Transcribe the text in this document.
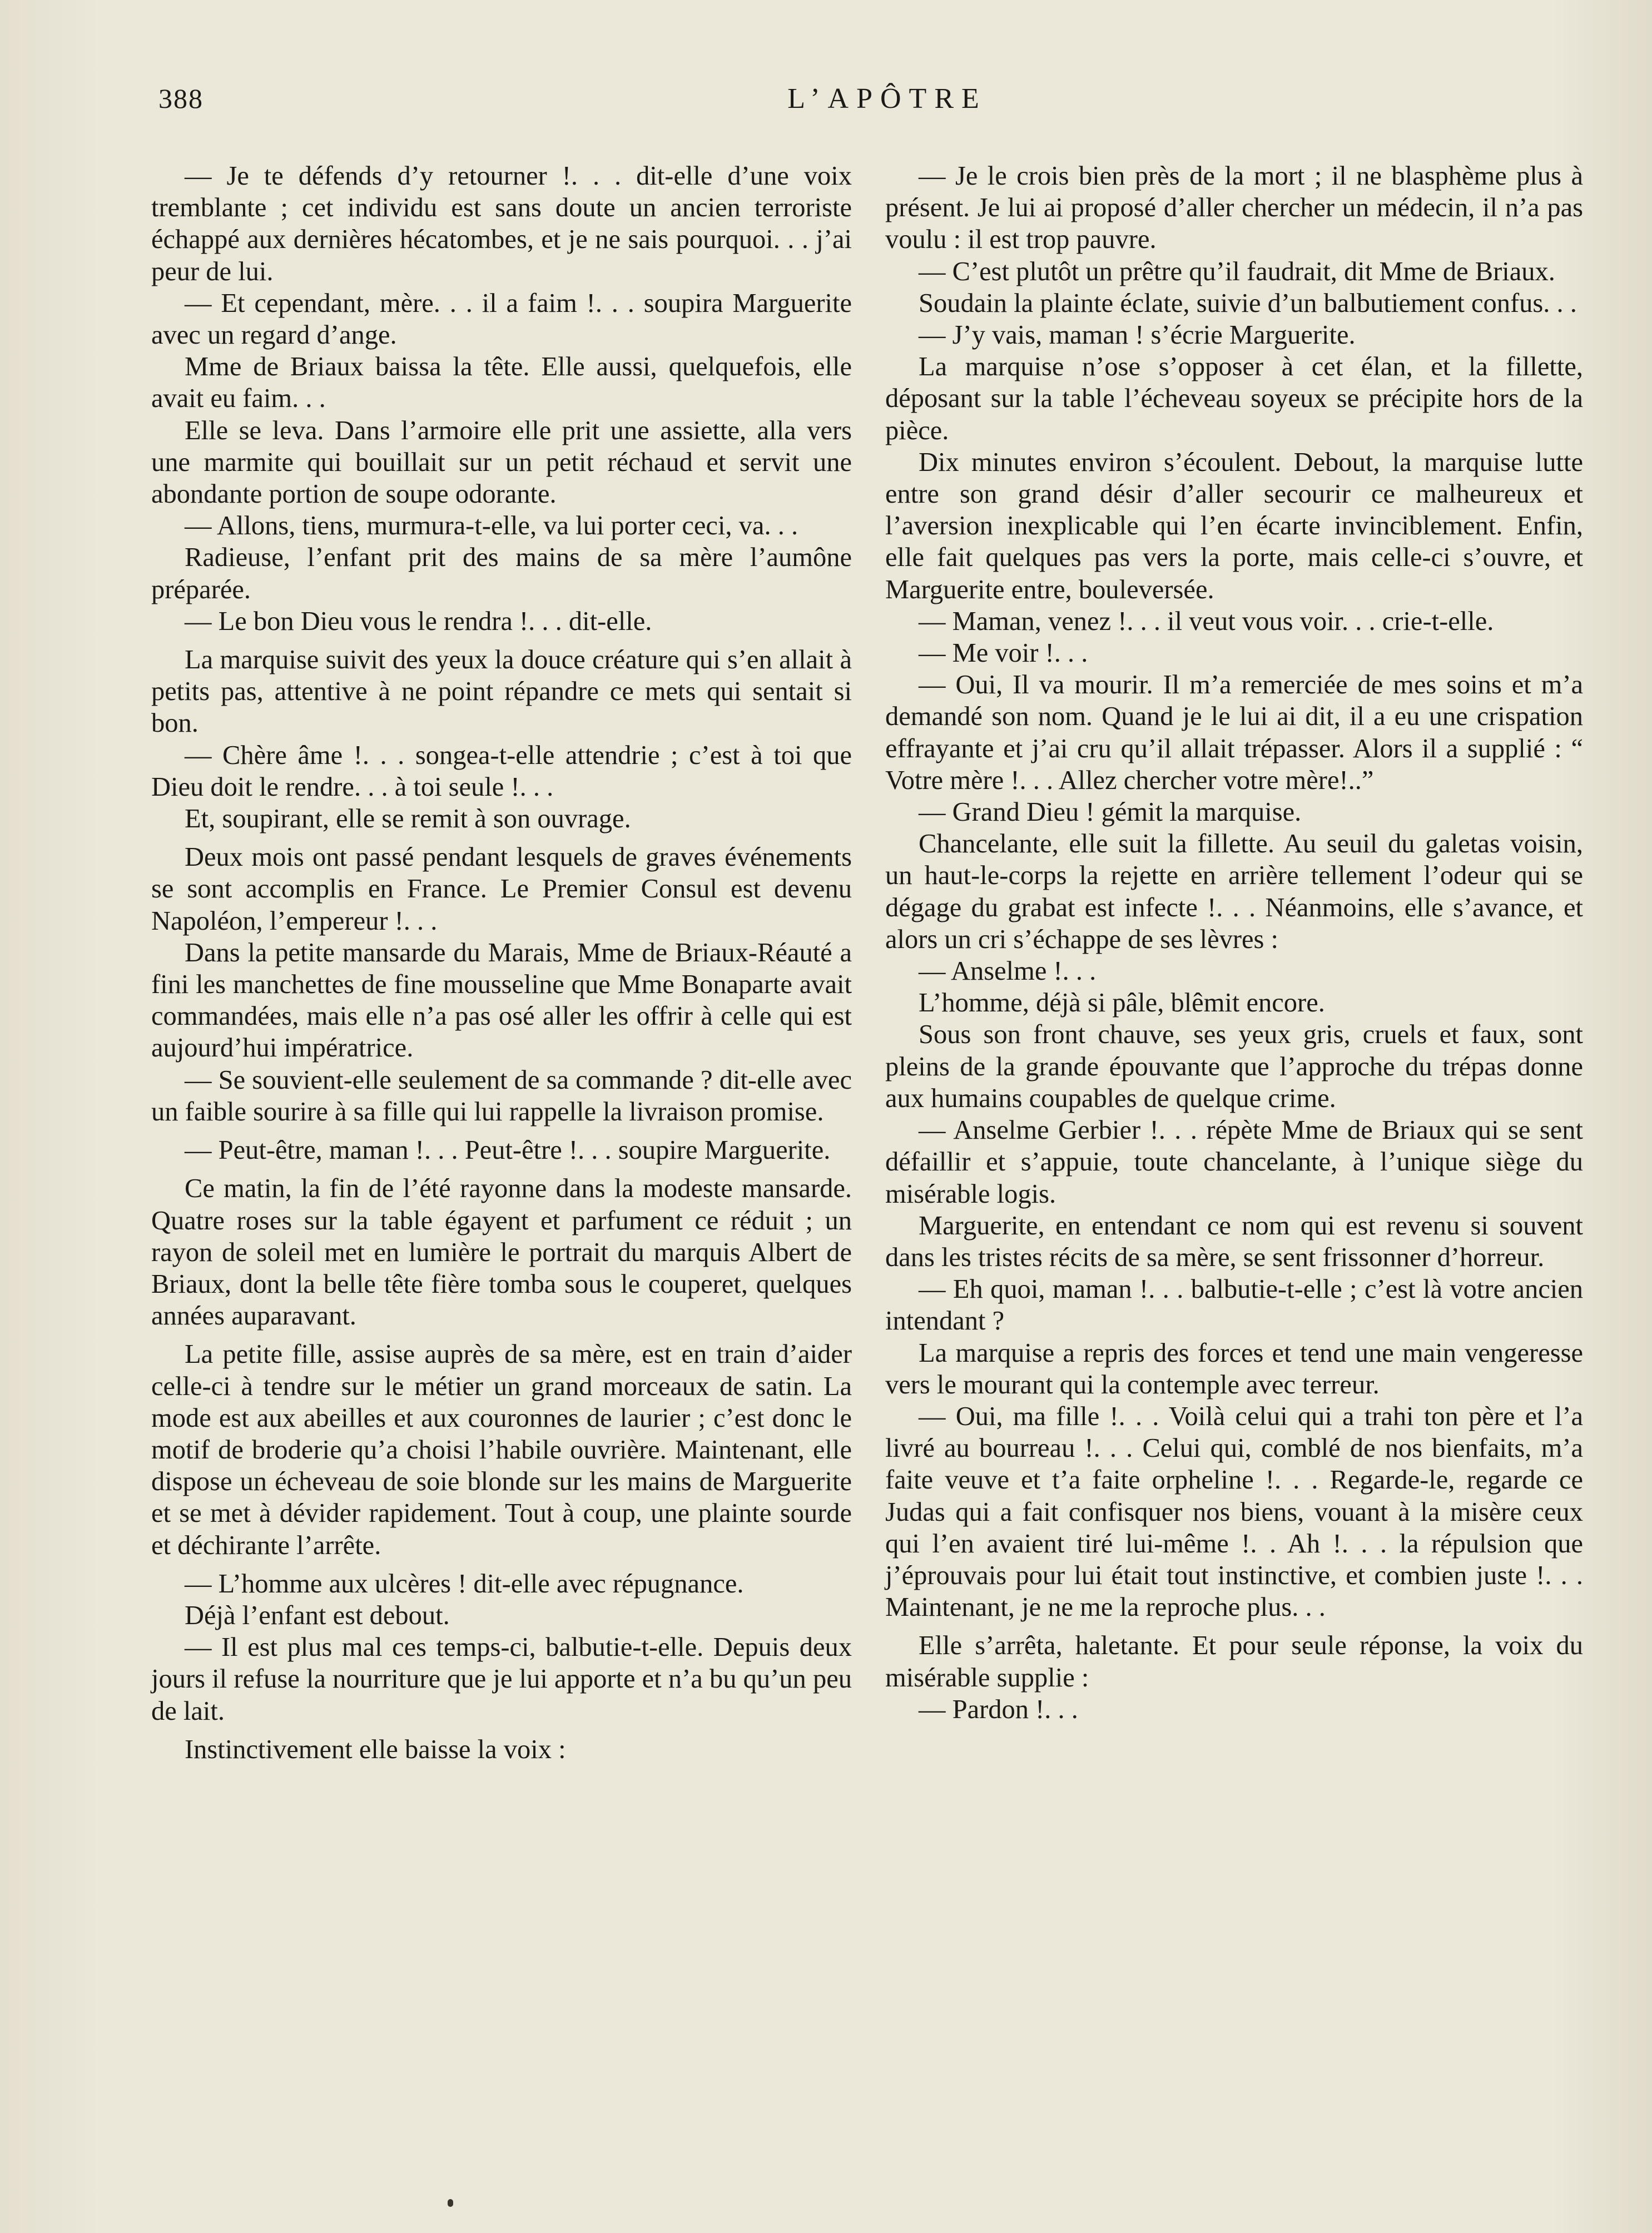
388	L’APÔTRE

— Je te défends d’y retourner !. . . dit-elle d’une voix tremblante ; cet individu est sans doute un ancien terroriste échappé aux dernières hécatombes, et je ne sais pourquoi. . . j’ai peur de lui.

— Et cependant, mère. . . il a faim !. . . soupira Marguerite avec un regard d’ange.

Mme de Briaux baissa la tête. Elle aussi, quelquefois, elle avait eu faim. . .

Elle se leva. Dans l’armoire elle prit une assiette, alla vers une marmite qui bouillait sur un petit réchaud et servit une abondante portion de soupe odorante.

— Allons, tiens, murmura-t-elle, va lui porter ceci, va. . .

Radieuse, l’enfant prit des mains de sa mère l’aumône préparée.

— Le bon Dieu vous le rendra !. . . dit-elle.

La marquise suivit des yeux la douce créature qui s’en allait à petits pas, attentive à ne point répandre ce mets qui sentait si bon.

— Chère âme !. . . songea-t-elle attendrie ; c’est à toi que Dieu doit le rendre. . . à toi seule !. . .

Et, soupirant, elle se remit à son ouvrage.

Deux mois ont passé pendant lesquels de graves événements se sont accomplis en France. Le Premier Consul est devenu Napoléon, l’empereur !. . .

Dans la petite mansarde du Marais, Mme de Briaux-Réauté a fini les manchettes de fine mousseline que Mme Bonaparte avait commandées, mais elle n’a pas osé aller les offrir à celle qui est aujourd’hui impératrice.

— Se souvient-elle seulement de sa commande ? dit-elle avec un faible sourire à sa fille qui lui rappelle la livraison promise.

— Peut-être, maman !. . . Peut-être !. . . soupire Marguerite.

Ce matin, la fin de l’été rayonne dans la modeste mansarde. Quatre roses sur la table égayent et parfument ce réduit ; un rayon de soleil met en lumière le portrait du marquis Albert de Briaux, dont la belle tête fière tomba sous le couperet, quelques années auparavant.

La petite fille, assise auprès de sa mère, est en train d’aider celle-ci à tendre sur le métier un grand morceaux de satin. La mode est aux abeilles et aux couronnes de laurier ; c’est donc le motif de broderie qu’a choisi l’habile ouvrière. Maintenant, elle dispose un écheveau de soie blonde sur les mains de Marguerite et se met à dévider rapidement. Tout à coup, une plainte sourde et déchirante l’arrête.

— L’homme aux ulcères ! dit-elle avec répugnance.

Déjà l’enfant est debout.

— Il est plus mal ces temps-ci, balbutie-t-elle. Depuis deux jours il refuse la nourriture que je lui apporte et n’a bu qu’un peu de lait.

Instinctivement elle baisse la voix :

— Je le crois bien près de la mort ; il ne blasphème plus à présent. Je lui ai proposé d’aller chercher un médecin, il n’a pas voulu : il est trop pauvre.

— C’est plutôt un prêtre qu’il faudrait, dit Mme de Briaux.

Soudain la plainte éclate, suivie d’un balbutiement confus. . .

— J’y vais, maman ! s’écrie Marguerite.

La marquise n’ose s’opposer à cet élan, et la fillette, déposant sur la table l’écheveau soyeux se précipite hors de la pièce.

Dix minutes environ s’écoulent. Debout, la marquise lutte entre son grand désir d’aller secourir ce malheureux et l’aversion inexplicable qui l’en écarte invinciblement. Enfin, elle fait quelques pas vers la porte, mais celle-ci s’ouvre, et Marguerite entre, bouleversée.

— Maman, venez !. . . il veut vous voir. . . crie-t-elle.

— Me voir !. . .

— Oui, Il va mourir. Il m’a remerciée de mes soins et m’a demandé son nom. Quand je le lui ai dit, il a eu une crispation effrayante et j’ai cru qu’il allait trépasser. Alors il a supplié : “ Votre mère !. . . Allez chercher votre mère!..”

— Grand Dieu ! gémit la marquise.

Chancelante, elle suit la fillette. Au seuil du galetas voisin, un haut-le-corps la rejette en arrière tellement l’odeur qui se dégage du grabat est infecte !. . . Néanmoins, elle s’avance, et alors un cri s’échappe de ses lèvres :

— Anselme !. . .

L’homme, déjà si pâle, blêmit encore.

Sous son front chauve, ses yeux gris, cruels et faux, sont pleins de la grande épouvante que l’approche du trépas donne aux humains coupables de quelque crime.

— Anselme Gerbier !. . . répète Mme de Briaux qui se sent défaillir et s’appuie, toute chancelante, à l’unique siège du misérable logis.

Marguerite, en entendant ce nom qui est revenu si souvent dans les tristes récits de sa mère, se sent frissonner d’horreur.

— Eh quoi, maman !. . . balbutie-t-elle ; c’est là votre ancien intendant ?

La marquise a repris des forces et tend une main vengeresse vers le mourant qui la contemple avec terreur.

— Oui, ma fille !. . . Voilà celui qui a trahi ton père et l’a livré au bourreau !. . . Celui qui, comblé de nos bienfaits, m’a faite veuve et t’a faite orpheline !. . . Regarde-le, regarde ce Judas qui a fait confisquer nos biens, vouant à la misère ceux qui l’en avaient tiré lui-même !. . Ah !. . . la répulsion que j’éprouvais pour lui était tout instinctive, et combien juste !. . . Maintenant, je ne me la reproche plus. . .

Elle s’arrêta, haletante. Et pour seule réponse, la voix du misérable supplie :

— Pardon !. . .
